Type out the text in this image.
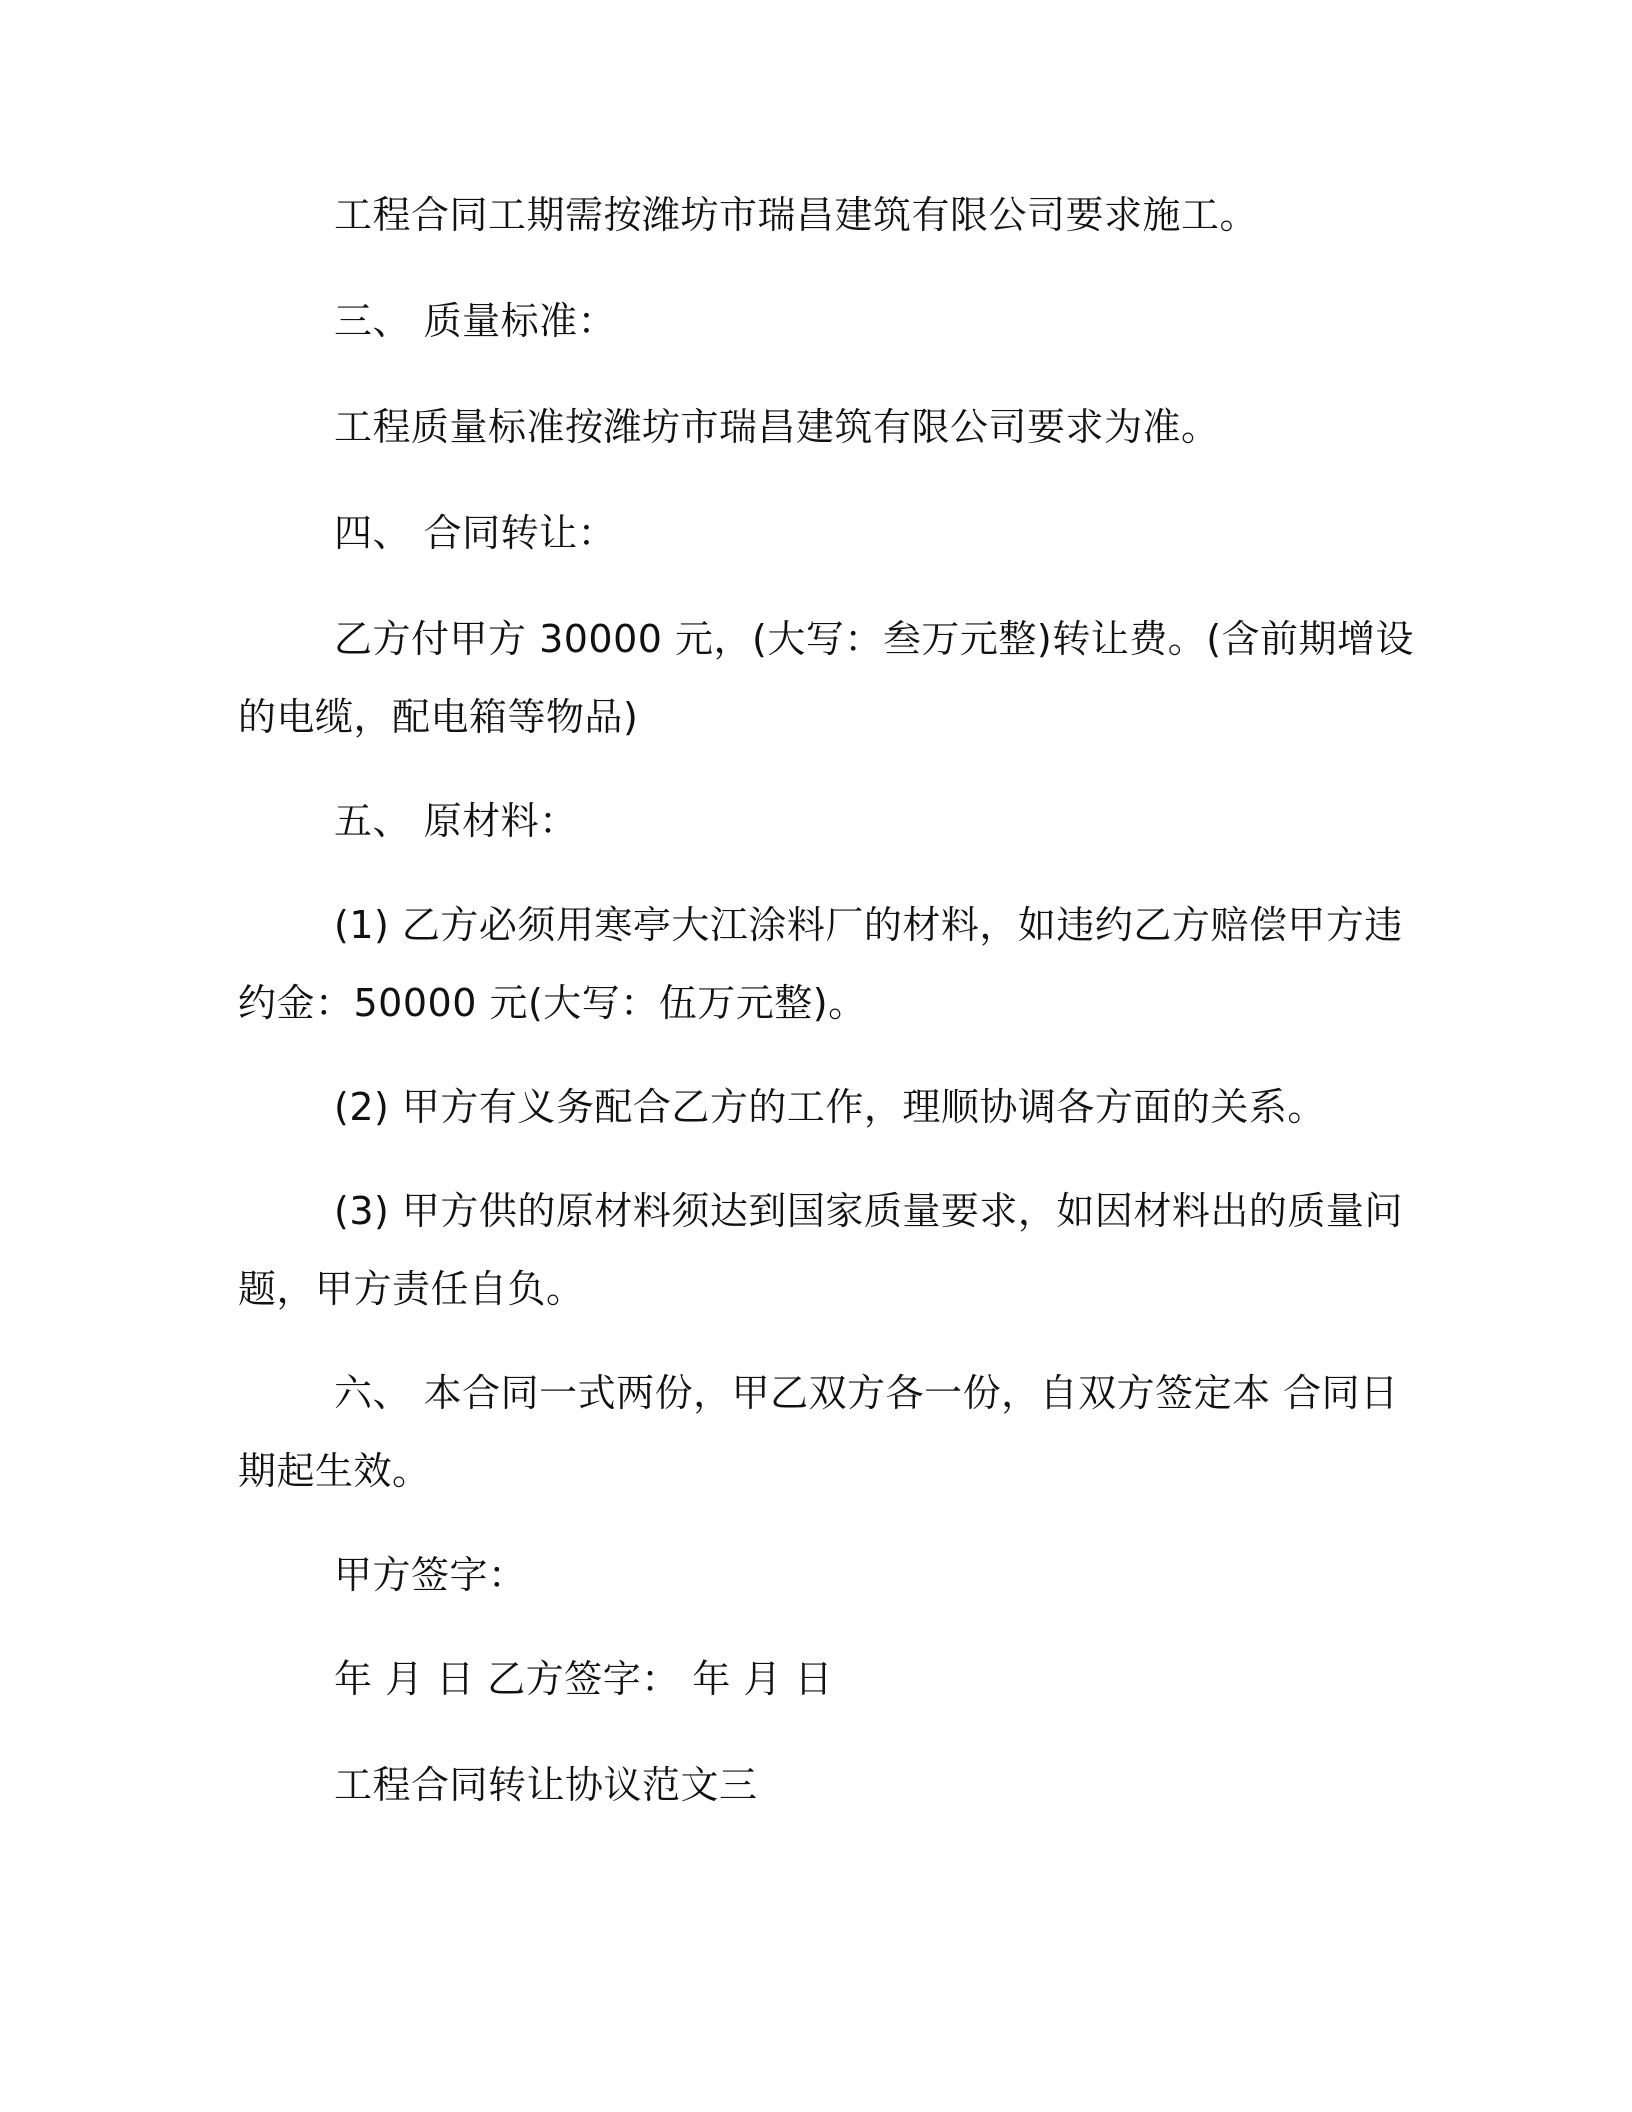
工程合同工期需按潍坊市瑞昌建筑有限公司要求施工。
三、 质量标准：
工程质量标准按潍坊市瑞昌建筑有限公司要求为准。
四、 合同转让：
乙方付甲方 30000 元，(大写：叁万元整)转让费。(含前期增设
的电缆，配电箱等物品)
五、 原材料：
(1) 乙方必须用寒亭大江涂料厂的材料，如违约乙方赔偿甲方违
约金：50000 元(大写：伍万元整)。
(2) 甲方有义务配合乙方的工作，理顺协调各方面的关系。
(3) 甲方供的原材料须达到国家质量要求，如因材料出的质量问
题，甲方责任自负。
六、 本合同一式两份，甲乙双方各一份，自双方签定本 合同日
期起生效。
甲方签字：
年 月 日 乙方签字： 年 月 日
工程合同转让协议范文三
